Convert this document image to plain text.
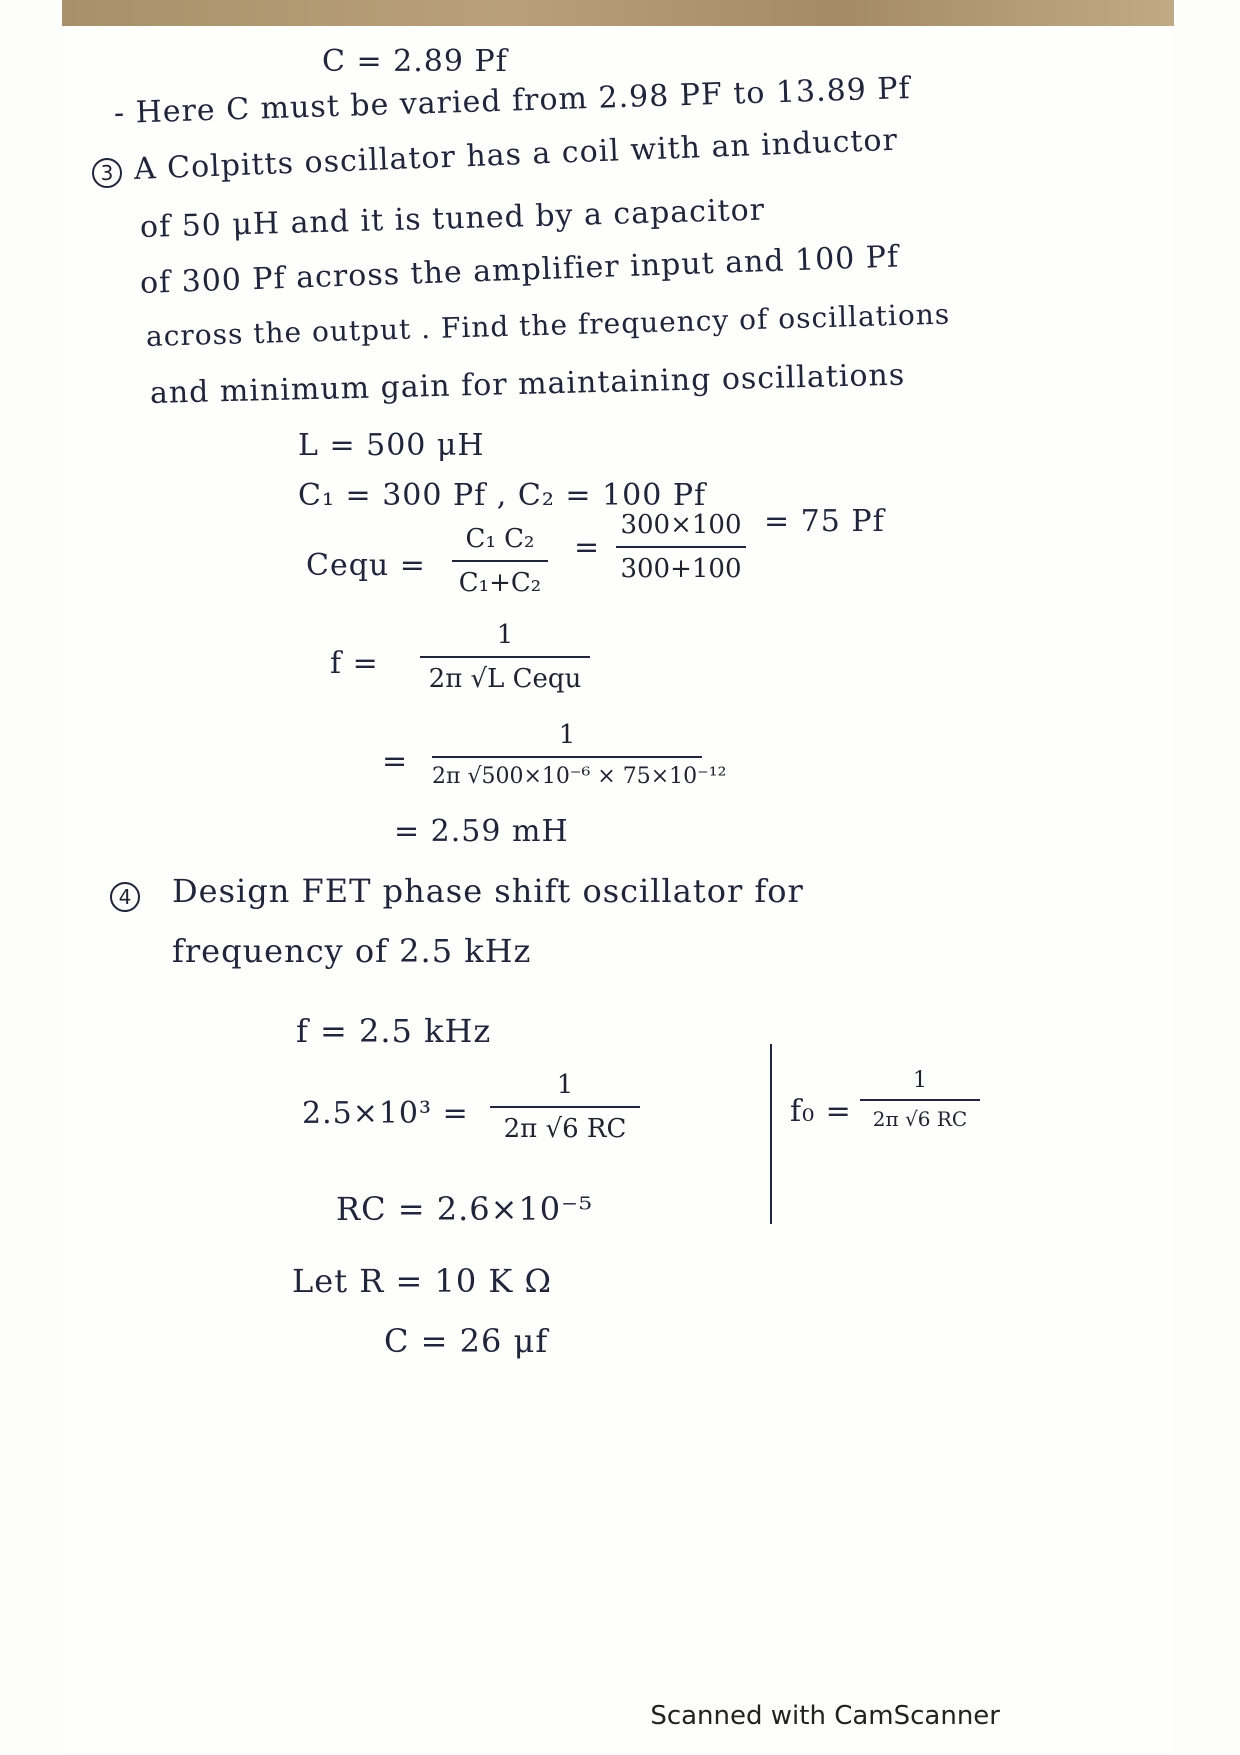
C = 2.89 Pf
- Here C must be varied from 2.98 PF to 13.89 Pf
3 A Colpitts oscillator has a coil with an inductor
of 50 μH and it is tuned by a capacitor
of 300 Pf across the amplifier input and 100 Pf
across the output . Find the frequency of oscillations
and minimum gain for maintaining oscillations
L = 500 μH
C₁ = 300 Pf , C₂ = 100 Pf
Cequ =
C₁ C₂
C₁+C₂
=
300×100
300+100
= 75 Pf
f =
1
2π √L Cequ
=
1
2π √500×10⁻⁶ × 75×10⁻¹²
= 2.59 mH
4 Design FET phase shift oscillator for
frequency of 2.5 kHz
f = 2.5 kHz
2.5×10³ =
1
2π √6 RC
RC = 2.6×10⁻⁵
Let R = 10 K Ω
C = 26 μf
f₀ =
1
2π √6 RC
Scanned with CamScanner
